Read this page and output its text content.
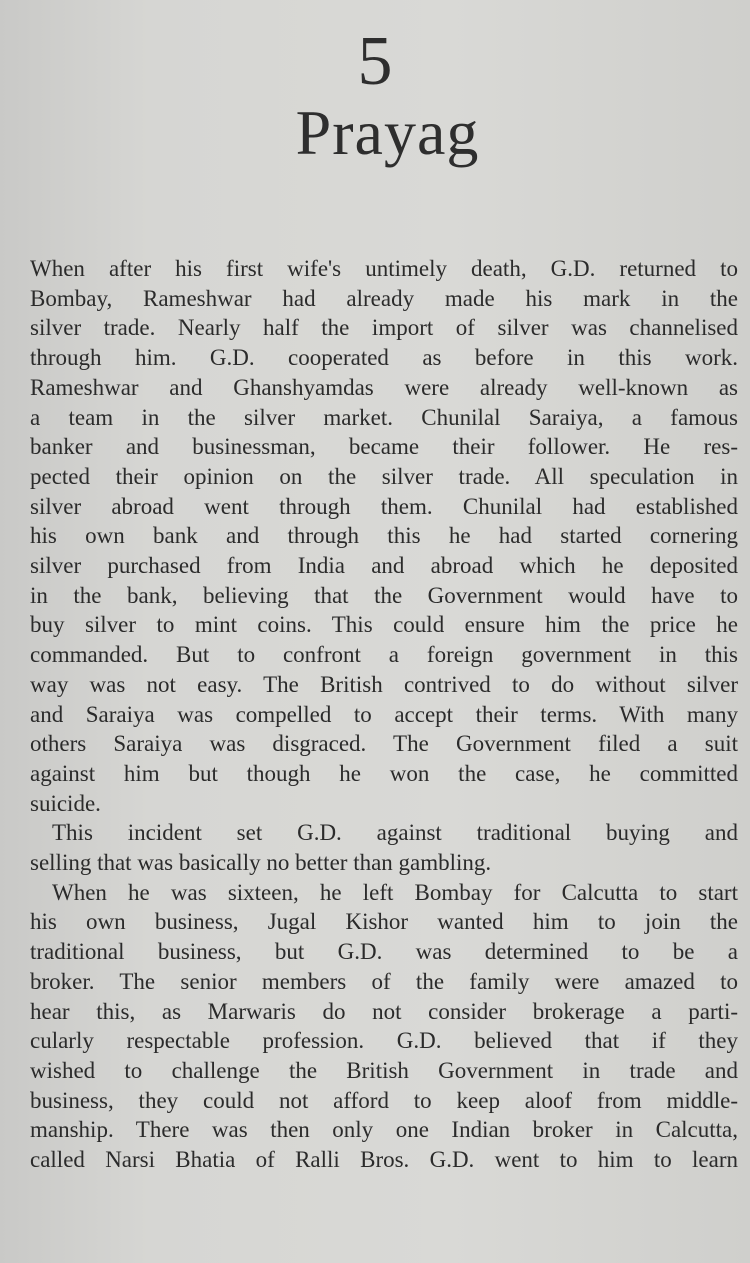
5
Prayag
When after his first wife's untimely death, G.D. returned to
Bombay, Rameshwar had already made his mark in the
silver trade. Nearly half the import of silver was channelised
through him. G.D. cooperated as before in this work.
Rameshwar and Ghanshyamdas were already well-known as
a team in the silver market. Chunilal Saraiya, a famous
banker and businessman, became their follower. He res-
pected their opinion on the silver trade. All speculation in
silver abroad went through them. Chunilal had established
his own bank and through this he had started cornering
silver purchased from India and abroad which he deposited
in the bank, believing that the Government would have to
buy silver to mint coins. This could ensure him the price he
commanded. But to confront a foreign government in this
way was not easy. The British contrived to do without silver
and Saraiya was compelled to accept their terms. With many
others Saraiya was disgraced. The Government filed a suit
against him but though he won the case, he committed
suicide.
This incident set G.D. against traditional buying and
selling that was basically no better than gambling.
When he was sixteen, he left Bombay for Calcutta to start
his own business, Jugal Kishor wanted him to join the
traditional business, but G.D. was determined to be a
broker. The senior members of the family were amazed to
hear this, as Marwaris do not consider brokerage a parti-
cularly respectable profession. G.D. believed that if they
wished to challenge the British Government in trade and
business, they could not afford to keep aloof from middle-
manship. There was then only one Indian broker in Calcutta,
called Narsi Bhatia of Ralli Bros. G.D. went to him to learn
